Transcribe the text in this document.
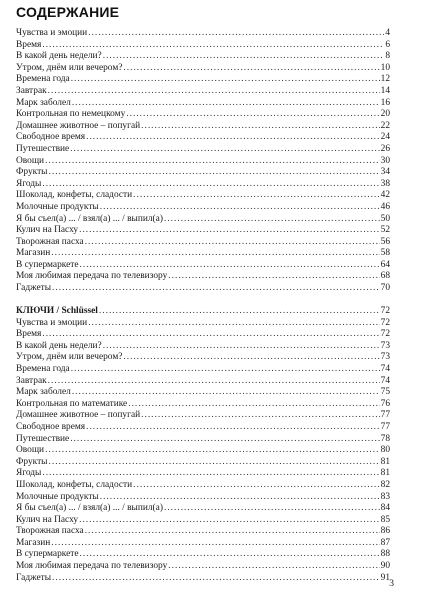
СОДЕРЖАНИЕ
Чувства и эмоции .....	4
Время .....	6
В какой день недели? .....	8
Утром, днём или вечером? .....	10
Времена года .....	12
Завтрак .....	14
Марк заболел .....	16
Контрольная по немецкому .....	20
Домашнее животное – попугай .....	22
Свободное время .....	24
Путешествие .....	26
Овощи .....	30
Фрукты .....	34
Ягоды .....	38
Шоколад, конфеты, сладости .....	42
Молочные продукты .....	46
Я бы съел(а) ... / взял(а) ... / выпил(а) .....	50
Кулич на Пасху .....	52
Творожная пасха .....	56
Магазин .....	58
В супермаркете .....	64
Моя любимая передача по телевизору .....	68
Гаджеты .....	70
КЛЮЧИ / Schlüssel .....	72
Чувства и эмоции .....	72
Время .....	72
В какой день недели? .....	73
Утром, днём или вечером? .....	73
Времена года .....	74
Завтрак .....	74
Марк заболел .....	75
Контрольная по математике .....	76
Домашнее животное – попугай .....	77
Свободное время .....	77
Путешествие .....	78
Овощи .....	80
Фрукты .....	81
Ягоды .....	81
Шоколад, конфеты, сладости .....	82
Молочные продукты .....	83
Я бы съел(а) ... / взял(а) ... / выпил(а) .....	84
Кулич на Пасху .....	85
Творожная пасха .....	86
Магазин .....	87
В супермаркете .....	88
Моя любимая передача по телевизору .....	90
Гаджеты .....	91
3
